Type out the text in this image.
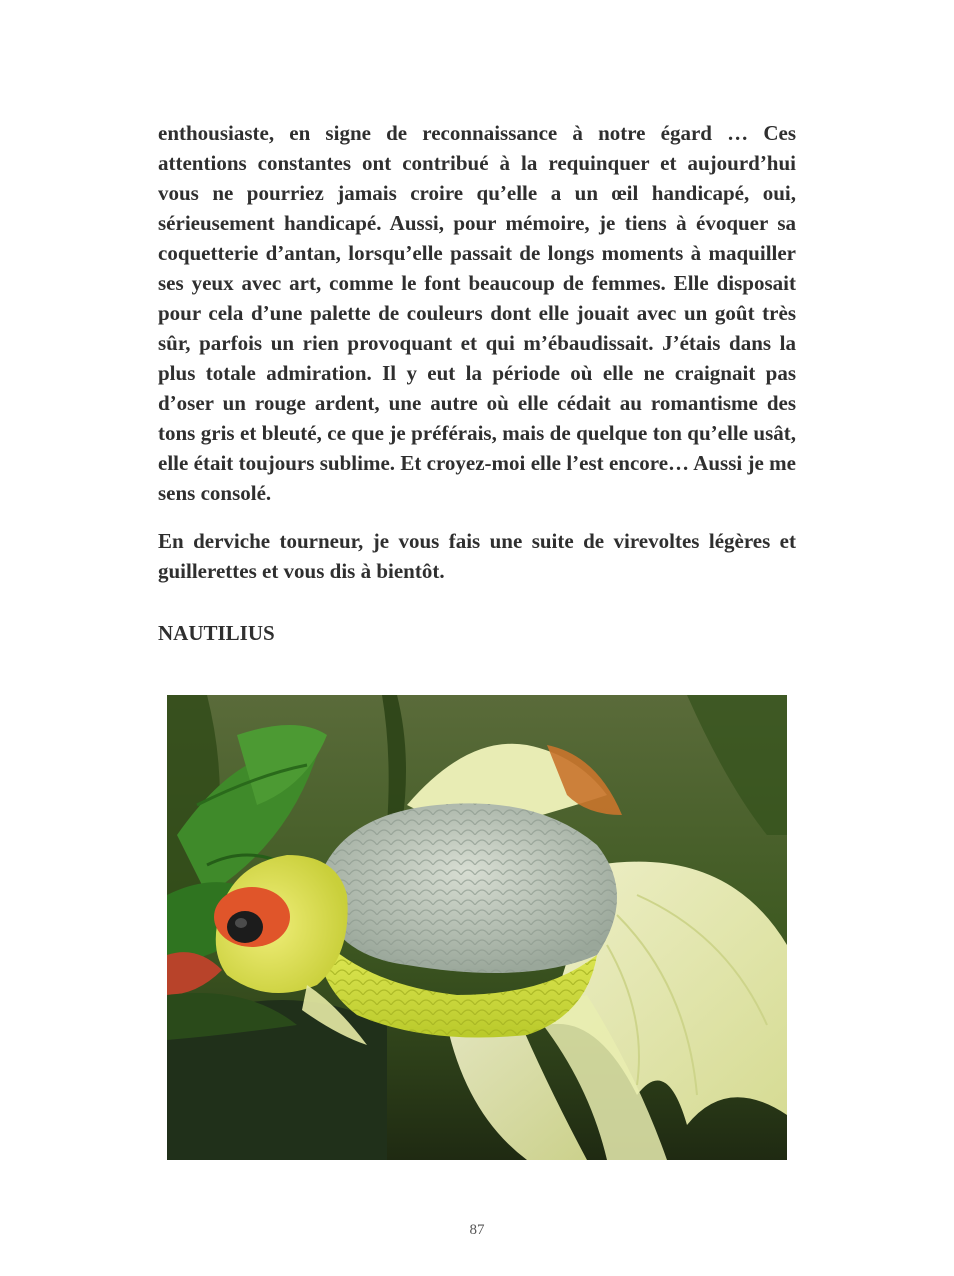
enthousiaste, en signe de reconnaissance à notre égard … Ces attentions constantes ont contribué à la requinquer et aujourd’hui vous ne pourriez jamais croire qu’elle a un œil handicapé, oui, sérieusement handicapé. Aussi, pour mémoire, je tiens à évoquer sa coquetterie d’antan, lorsqu’elle passait de longs moments à maquiller ses yeux avec art, comme le font beaucoup de femmes. Elle disposait pour cela d’une palette de couleurs dont elle jouait avec un goût très sûr, parfois un rien provoquant et qui m’ébaudissait. J’étais dans la plus totale admiration. Il y eut la période où elle ne craignait pas d’oser un rouge ardent, une autre où elle cédait au romantisme des tons gris et bleuté, ce que je préférais, mais de quelque ton qu’elle usât, elle était toujours sublime. Et croyez-moi elle l’est encore… Aussi je me sens consolé.

En derviche tourneur, je vous fais une suite de virevoltes légères et guillerettes et vous dis à bientôt.

NAUTILIUS

87
